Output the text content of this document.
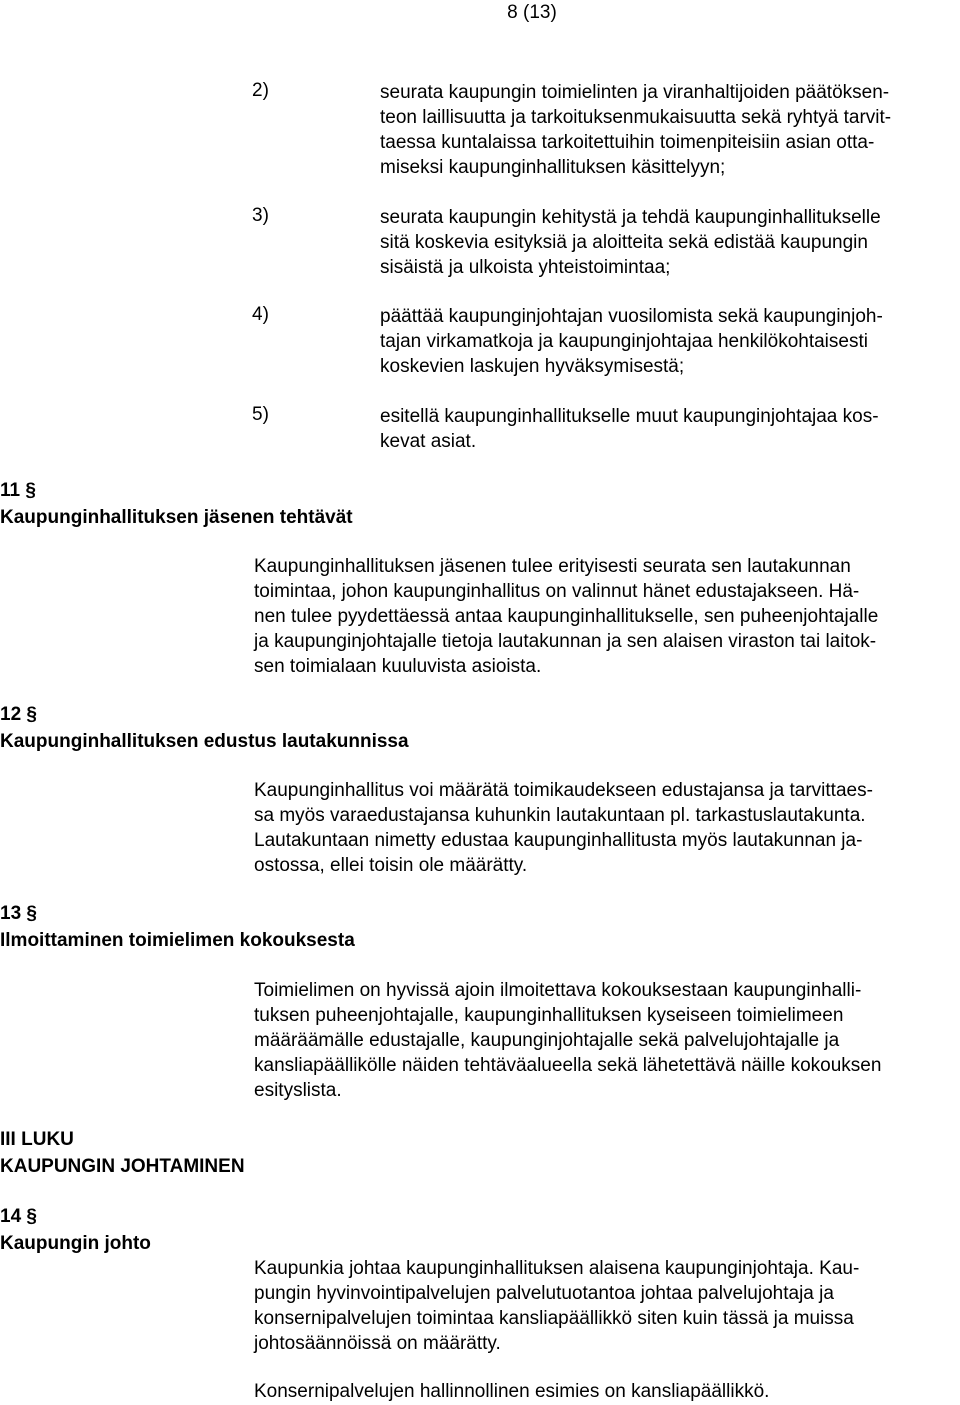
8 (13)
2)	seurata kaupungin toimielinten ja viranhaltijoiden päätöksen-
teon laillisuutta ja tarkoituksenmukaisuutta sekä ryhtyä tarvit-
taessa kuntalaissa tarkoitettuihin toimenpiteisiin asian otta-
miseksi kaupunginhallituksen käsittelyyn;
3)	seurata kaupungin kehitystä ja tehdä kaupunginhallitukselle
sitä koskevia esityksiä ja aloitteita sekä edistää kaupungin
sisäistä ja ulkoista yhteistoimintaa;
4)	päättää kaupunginjohtajan vuosilomista sekä kaupunginjoh-
tajan virkamatkoja ja kaupunginjohtajaa henkilökohtaisesti
koskevien laskujen hyväksymisestä;
5)	esitellä kaupunginhallitukselle muut kaupunginjohtajaa kos-
kevat asiat.
11 §
Kaupunginhallituksen jäsenen tehtävät
Kaupunginhallituksen jäsenen tulee erityisesti seurata sen lautakunnan
toimintaa, johon kaupunginhallitus on valinnut hänet edustajakseen. Hä-
nen tulee pyydettäessä antaa kaupunginhallitukselle, sen puheenjohtajalle
ja kaupunginjohtajalle tietoja lautakunnan ja sen alaisen viraston tai laitok-
sen toimialaan kuuluvista asioista.
12 §
Kaupunginhallituksen edustus lautakunnissa
Kaupunginhallitus voi määrätä toimikaudekseen edustajansa ja tarvittaes-
sa myös varaedustajansa kuhunkin lautakuntaan pl. tarkastuslautakunta.
Lautakuntaan nimetty edustaa kaupunginhallitusta myös lautakunnan ja-
ostossa, ellei toisin ole määrätty.
13 §
Ilmoittaminen toimielimen kokouksesta
Toimielimen on hyvissä ajoin ilmoitettava kokouksestaan kaupunginhalli-
tuksen puheenjohtajalle, kaupunginhallituksen kyseiseen toimielimeen
määräämälle edustajalle, kaupunginjohtajalle sekä palvelujohtajalle ja
kansliapäällikölle näiden tehtäväalueella sekä lähetettävä näille kokouksen
esityslista.
III LUKU
KAUPUNGIN JOHTAMINEN
14 §
Kaupungin johto
Kaupunkia johtaa kaupunginhallituksen alaisena kaupunginjohtaja. Kau-
pungin hyvinvointipalvelujen palvelutuotantoa johtaa palvelujohtaja ja
konsernipalvelujen toimintaa kansliapäällikkö siten kuin tässä ja muissa
johtosäännöissä on määrätty.
Konsernipalvelujen hallinnollinen esimies on kansliapäällikkö.
